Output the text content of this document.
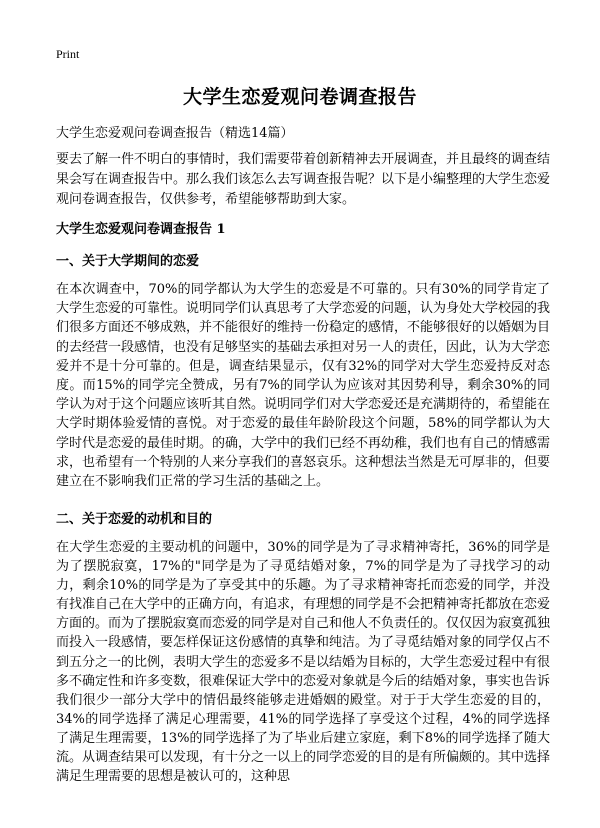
Print
大学生恋爱观问卷调查报告
大学生恋爱观问卷调查报告（精选14篇）

要去了解一件不明白的事情时，我们需要带着创新精神去开展调查，并且最终的调查结果会写在调查报告中。那么我们该怎么去写调查报告呢？以下是小编整理的大学生恋爱观问卷调查报告，仅供参考，希望能够帮助到大家。

大学生恋爱观问卷调查报告 1
一、关于大学期间的恋爱

在本次调查中，70%的同学都认为大学生的恋爱是不可靠的。只有30%的同学肯定了大学生恋爱的可靠性。说明同学们认真思考了大学恋爱的问题，认为身处大学校园的我们很多方面还不够成熟，并不能很好的维持一份稳定的感情，不能够很好的以婚姻为目的去经营一段感情，也没有足够坚实的基础去承担对另一人的责任，因此，认为大学恋爱并不是十分可靠的。但是，调查结果显示，仅有32%的同学对大学生恋爱持反对态度。而15%的同学完全赞成，另有7%的同学认为应该对其因势利导，剩余30%的同学认为对于这个问题应该听其自然。说明同学们对大学恋爱还是充满期待的，希望能在大学时期体验爱情的喜悦。对于恋爱的最佳年龄阶段这个问题，58%的同学都认为大学时代是恋爱的最佳时期。的确，大学中的我们已经不再幼稚，我们也有自己的情感需求，也希望有一个特别的人来分享我们的喜怒哀乐。这种想法当然是无可厚非的，但要建立在不影响我们正常的学习生活的基础之上。

二、关于恋爱的动机和目的

在大学生恋爱的主要动机的问题中，30%的同学是为了寻求精神寄托，36%的同学是为了摆脱寂寞，17%的"同学是为了寻觅结婚对象，7%的同学是为了寻找学习的动力，剩余10%的同学是为了享受其中的乐趣。为了寻求精神寄托而恋爱的同学，并没有找准自己在大学中的正确方向，有追求，有理想的同学是不会把精神寄托都放在恋爱方面的。而为了摆脱寂寞而恋爱的同学是对自己和他人不负责任的。仅仅因为寂寞孤独而投入一段感情，要怎样保证这份感情的真挚和纯洁。为了寻觅结婚对象的同学仅占不到五分之一的比例，表明大学生的恋爱多不是以结婚为目标的，大学生恋爱过程中有很多不确定性和许多变数，很难保证大学中的恋爱对象就是今后的结婚对象，事实也告诉我们很少一部分大学中的情侣最终能够走进婚姻的殿堂。对于于大学生恋爱的目的，34%的同学选择了满足心理需要，41%的同学选择了享受这个过程，4%的同学选择了满足生理需要，13%的同学选择了为了毕业后建立家庭，剩下8%的同学选择了随大流。从调查结果可以发现，有十分之一以上的同学恋爱的目的是有所偏颇的。其中选择满足生理需要的思想是被认可的，这种思
